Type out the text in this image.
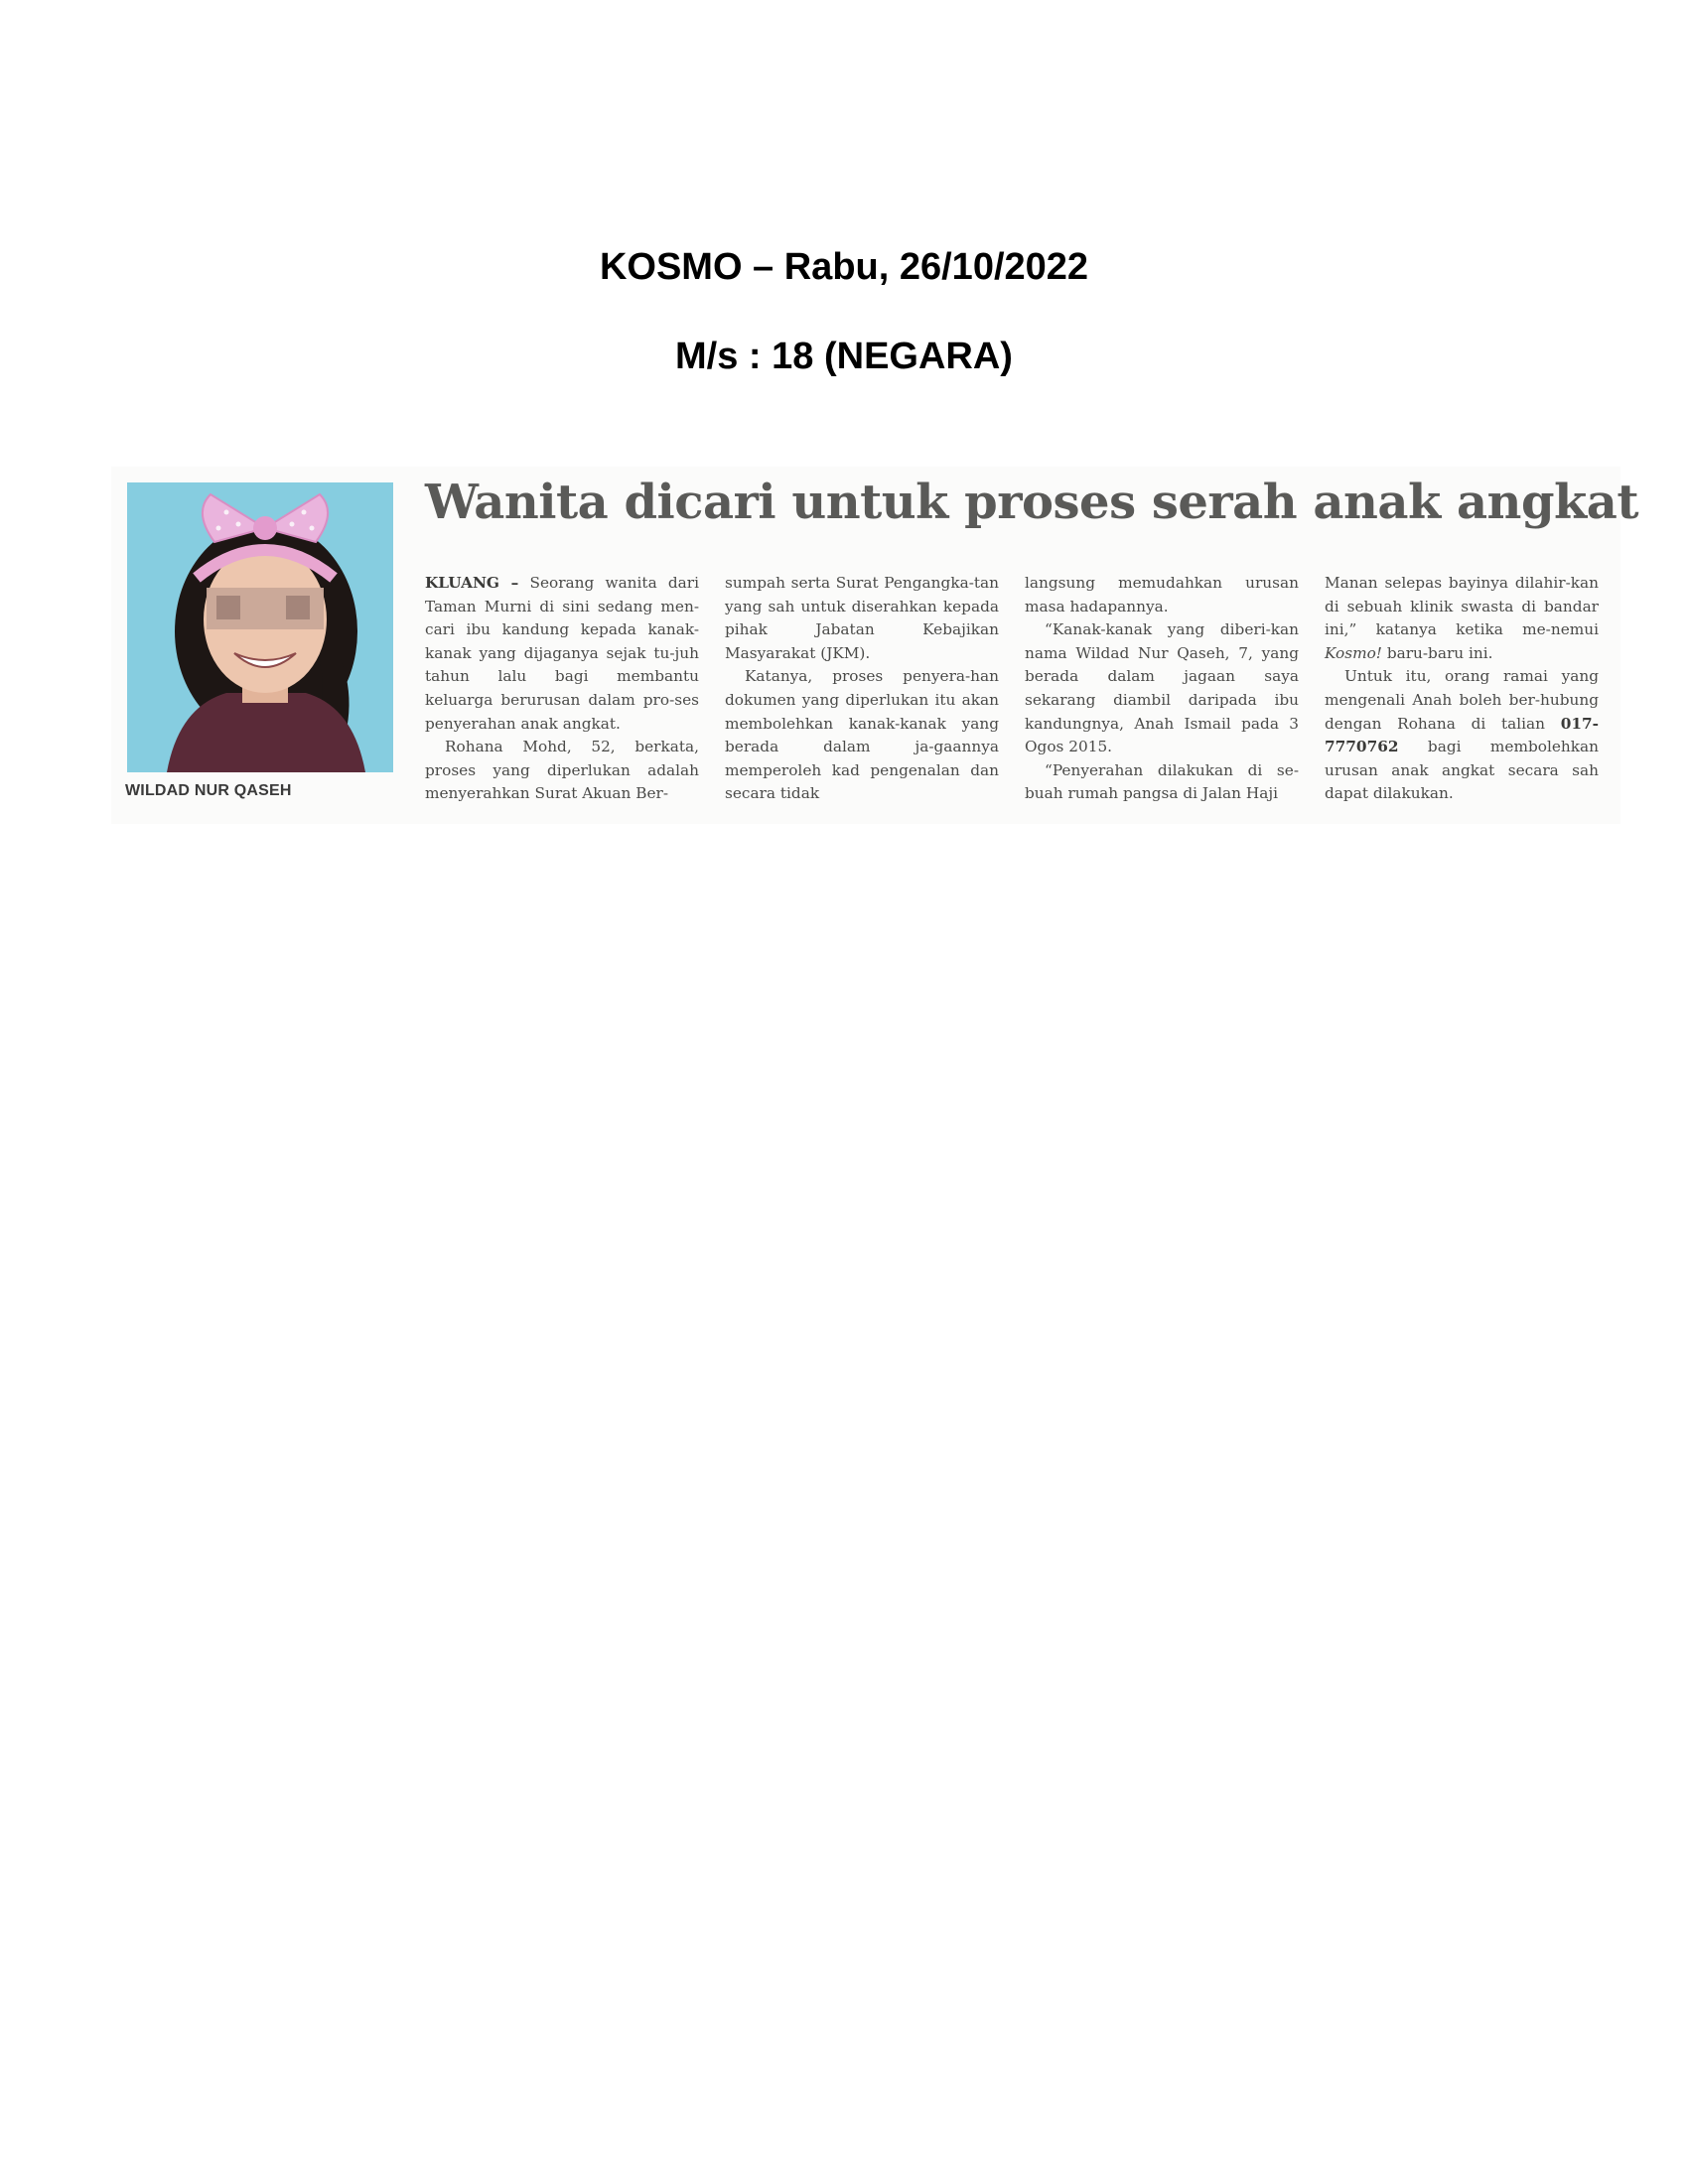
KOSMO – Rabu, 26/10/2022
M/s : 18 (NEGARA)
WILDAD NUR QASEH
Wanita dicari untuk proses serah anak angkat

KLUANG – Seorang wanita dari Taman Murni di sini sedang men-cari ibu kandung kepada kanak-kanak yang dijaganya sejak tu-juh tahun lalu bagi membantu keluarga berurusan dalam pro-ses penyerahan anak angkat.

Rohana Mohd, 52, berkata, proses yang diperlukan adalah menyerahkan Surat Akuan Ber-

sumpah serta Surat Pengangka-tan yang sah untuk diserahkan kepada pihak Jabatan Kebajikan Masyarakat (JKM).

Katanya, proses penyera-han dokumen yang diperlukan itu akan membolehkan kanak-kanak yang berada dalam ja-gaannya memperoleh kad pengenalan dan secara tidak

langsung memudahkan urusan masa hadapannya.

“Kanak-kanak yang diberi-kan nama Wildad Nur Qaseh, 7, yang berada dalam jagaan saya sekarang diambil daripada ibu kandungnya, Anah Ismail pada 3 Ogos 2015.

“Penyerahan dilakukan di se-buah rumah pangsa di Jalan Haji

Manan selepas bayinya dilahir-kan di sebuah klinik swasta di bandar ini,” katanya ketika me-nemui Kosmo! baru-baru ini.

Untuk itu, orang ramai yang mengenali Anah boleh ber-hubung dengan Rohana di talian 017-7770762 bagi membolehkan urusan anak angkat secara sah dapat dilakukan.
